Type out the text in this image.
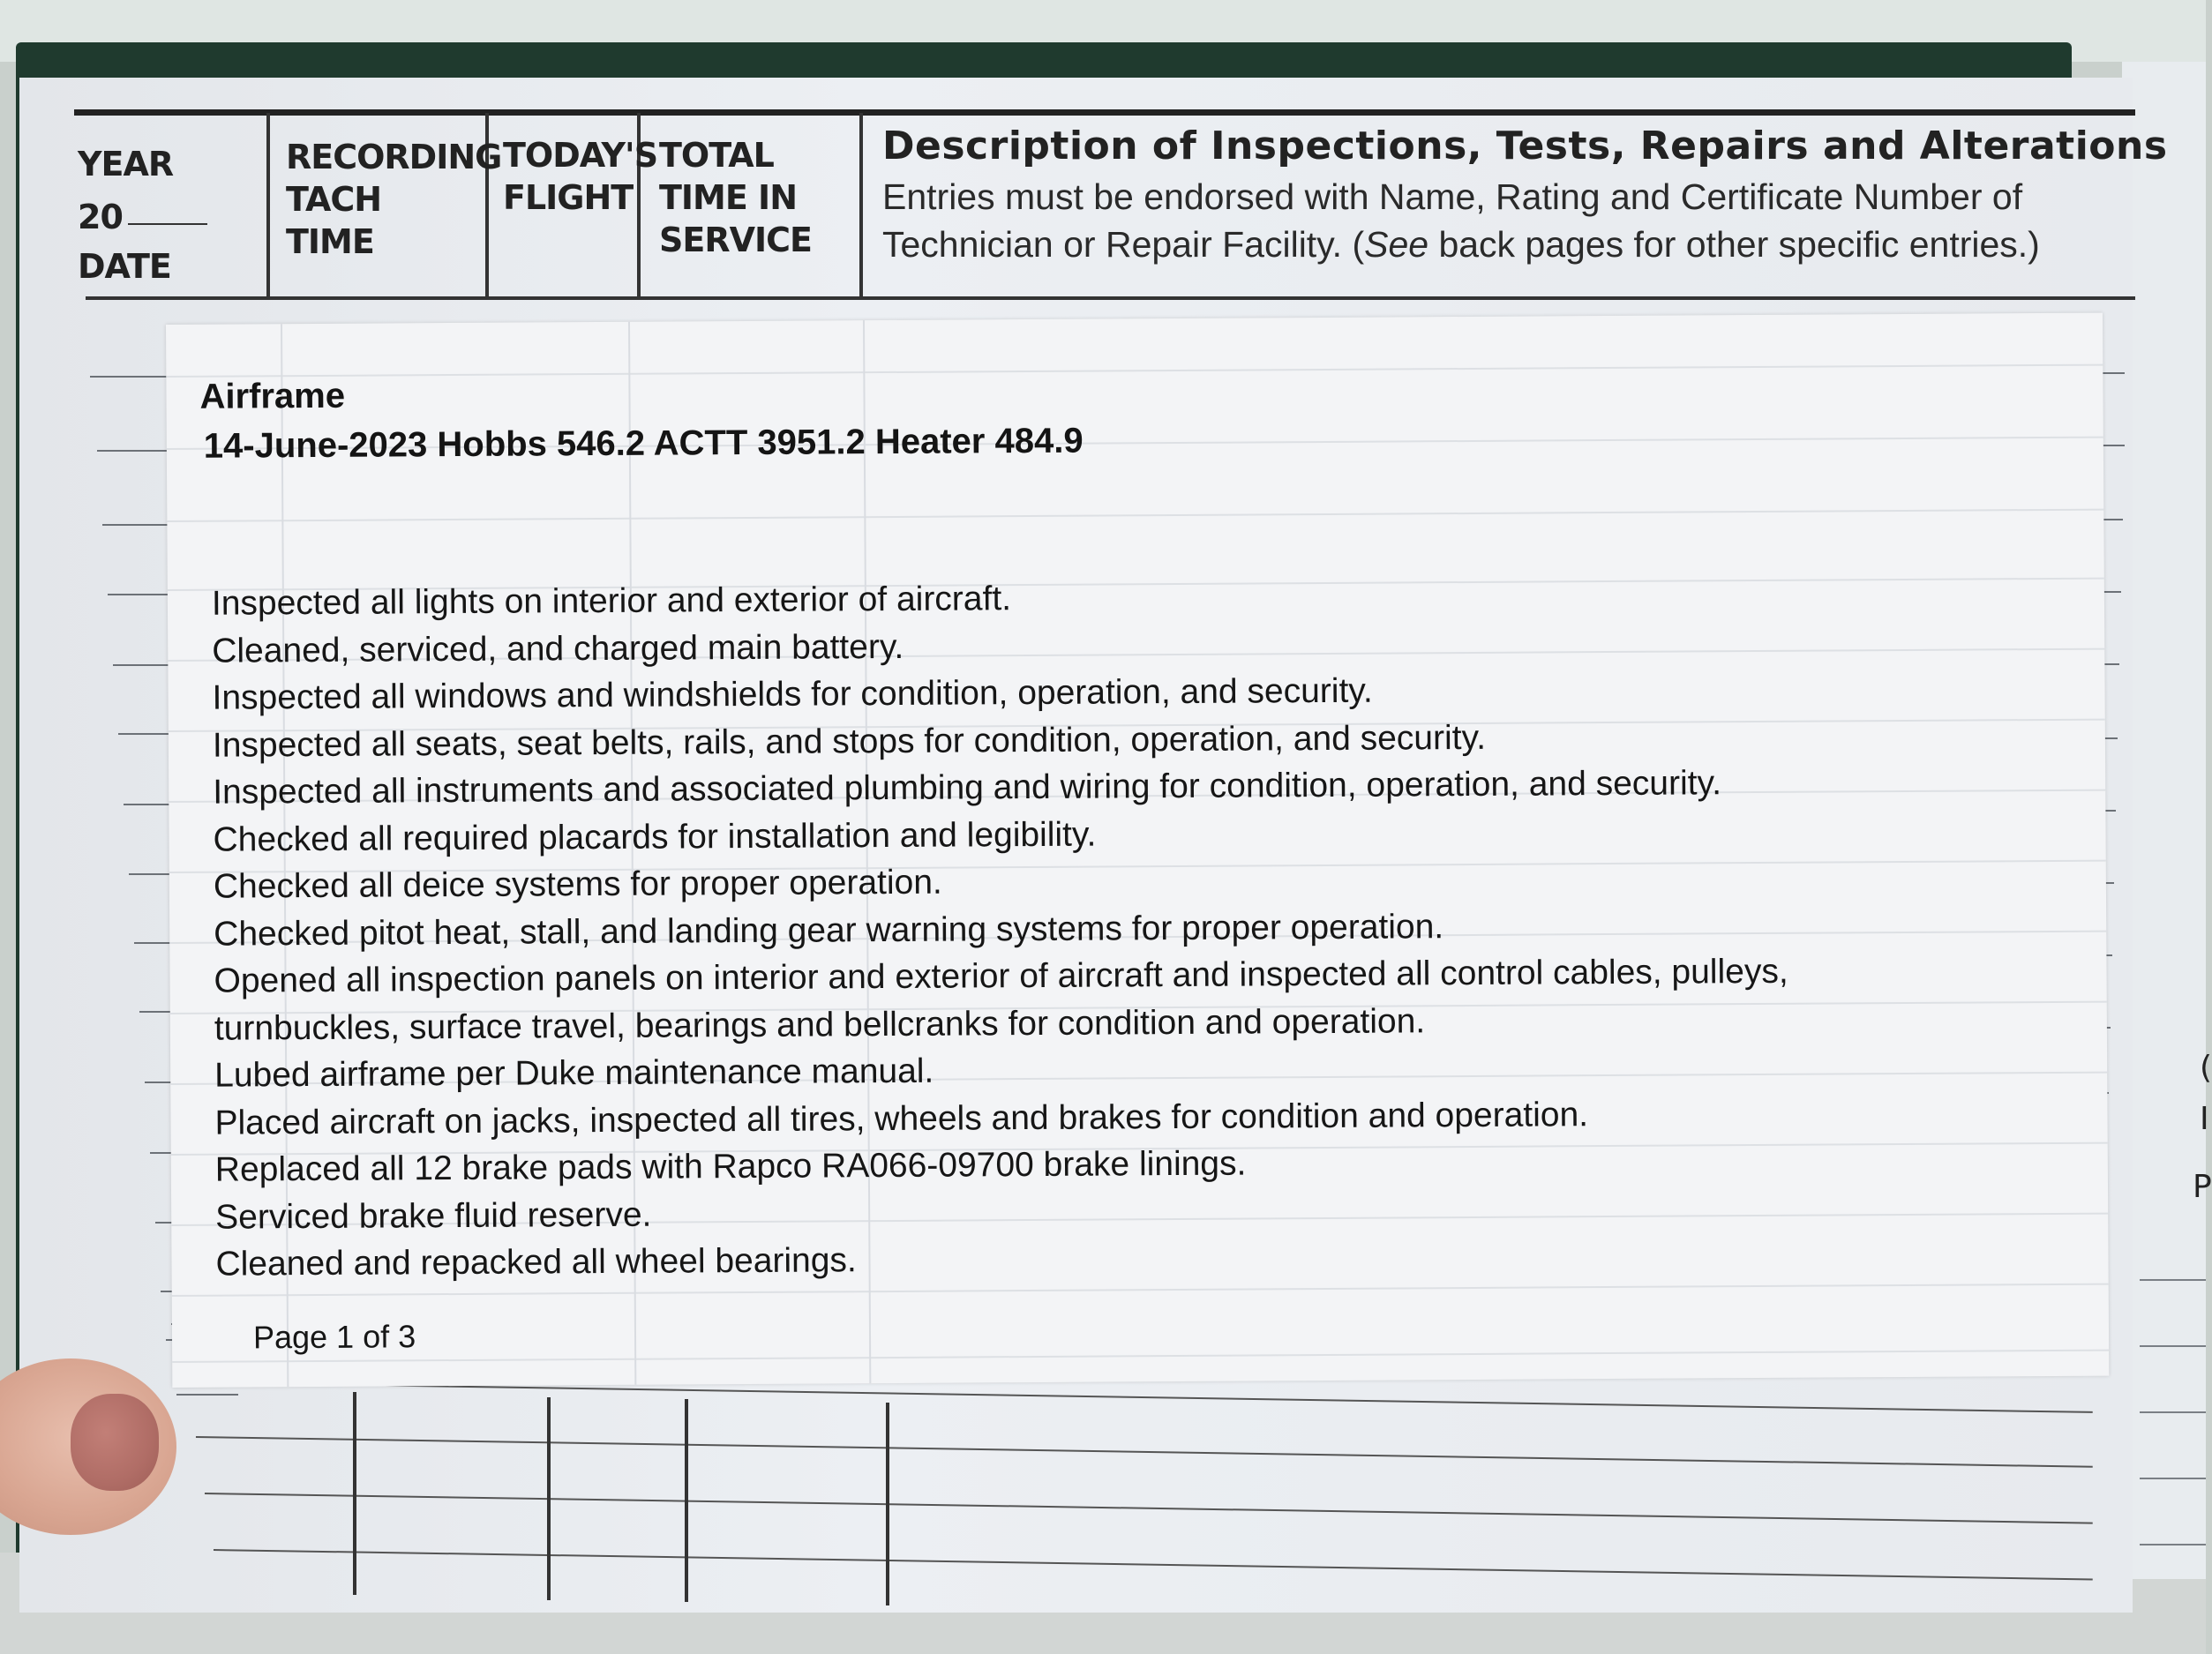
(
I
P
YEAR
20
DATE
RECORDING
TACH
TIME
TODAY'S
FLIGHT
TOTAL
TIME IN
SERVICE
Description of Inspections, Tests, Repairs and Alterations
Entries must be endorsed with Name, Rating and Certificate Number of
Technician or Repair Facility. (See back pages for other specific entries.)
Airframe
14-June-2023 Hobbs 546.2 ACTT 3951.2 Heater 484.9
Inspected all lights on interior and exterior of aircraft.
Cleaned, serviced, and charged main battery.
Inspected all windows and windshields for condition, operation, and security.
Inspected all seats, seat belts, rails, and stops for condition, operation, and security.
Inspected all instruments and associated plumbing and wiring for condition, operation, and security.
Checked all required placards for installation and legibility.
Checked all deice systems for proper operation.
Checked pitot heat, stall, and landing gear warning systems for proper operation.
Opened all inspection panels on interior and exterior of aircraft and inspected all control cables, pulleys,
turnbuckles, surface travel, bearings and bellcranks for condition and operation.
Lubed airframe per Duke maintenance manual.
Placed aircraft on jacks, inspected all tires, wheels and brakes for condition and operation.
Replaced all 12 brake pads with Rapco RA066-09700 brake linings.
Serviced brake fluid reserve.
Cleaned and repacked all wheel bearings.
Page 1 of 3
